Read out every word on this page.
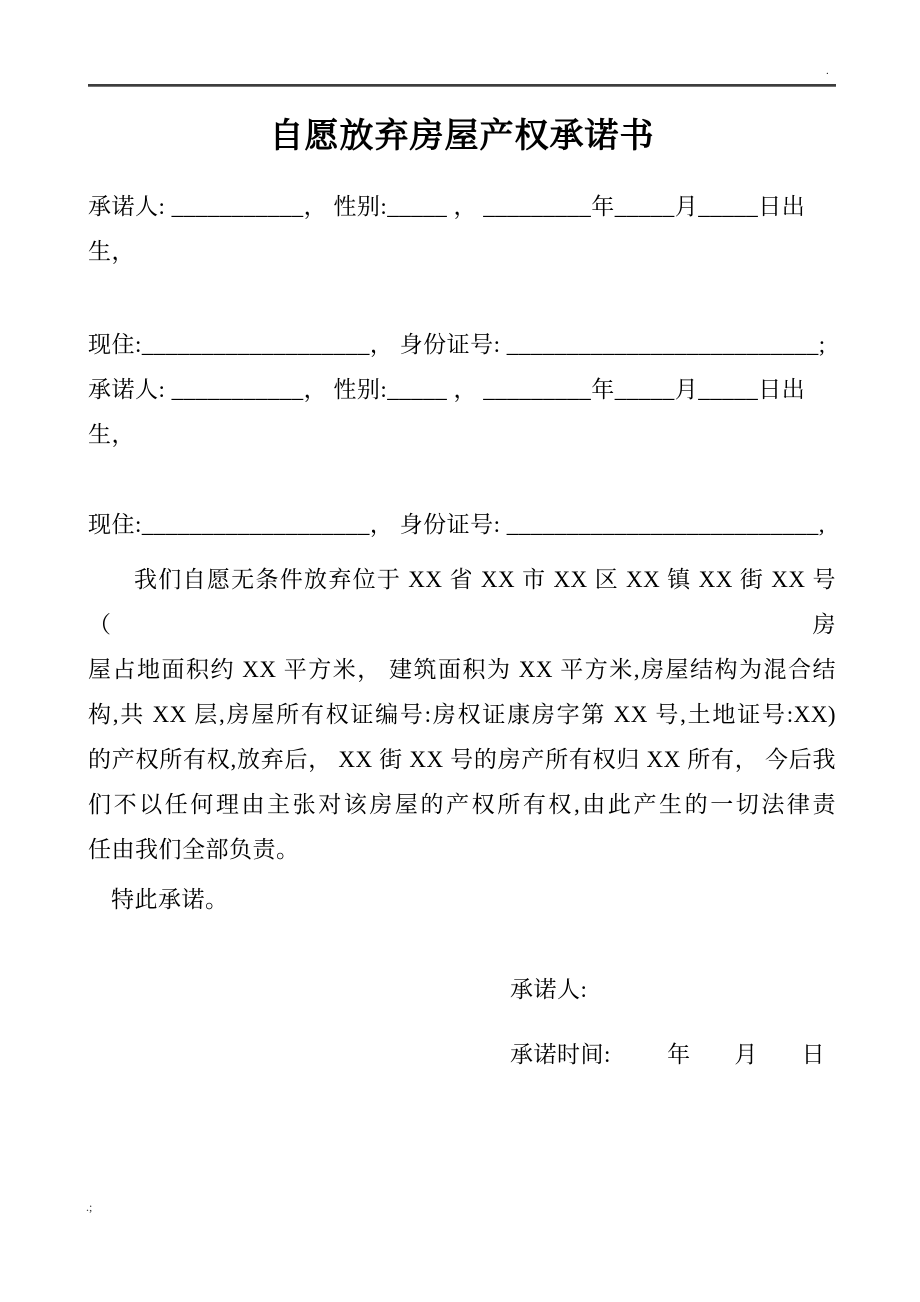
.
自愿放弃房屋产权承诺书
承诺人: ___________， 性别:_____ ， _________年_____月_____日出生，
现住:___________________， 身份证号: __________________________;
承诺人: ___________， 性别:_____ ， _________年_____月_____日出生，
现住:___________________， 身份证号: __________________________,
我们自愿无条件放弃位于 XX 省 XX 市 XX 区 XX 镇 XX 街 XX 号（房
屋占地面积约 XX 平方米， 建筑面积为 XX 平方米,房屋结构为混合结
构,共 XX 层,房屋所有权证编号:房权证康房字第 XX 号,土地证号:XX)
的产权所有权,放弃后， XX 街 XX 号的房产所有权归 XX 所有， 今后我
们不以任何理由主张对该房屋的产权所有权,由此产生的一切法律责
任由我们全部负责。
特此承诺。
承诺人:
承诺时间:         年       月       日
.;
